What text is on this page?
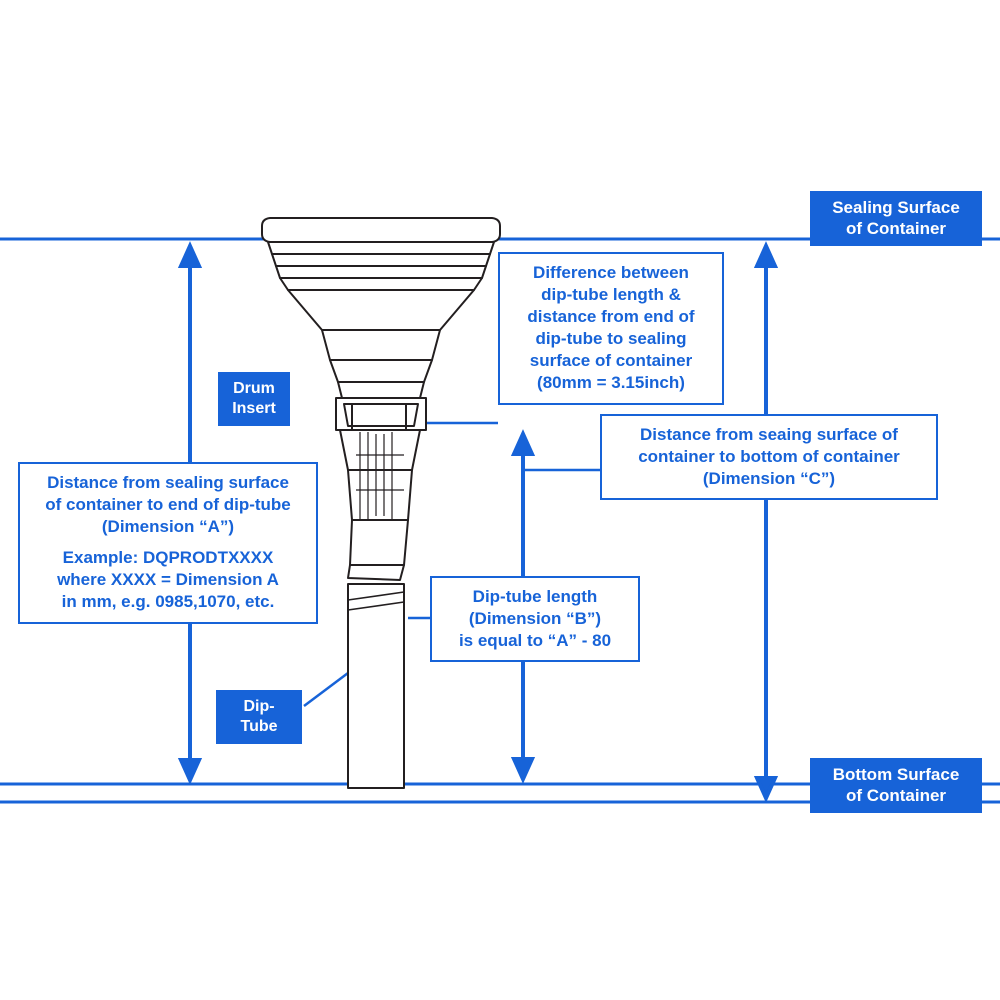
Distance from sealing surface
of container to end of dip-tube
(Dimension “A”)
Example: DQPRODTXXXX
where XXXX = Dimension A
in mm, e.g. 0985,1070, etc.
Difference between
dip-tube length &
distance from end of
dip-tube to sealing
surface of container
(80mm = 3.15inch)
Distance from seaing surface of
container to bottom of container
(Dimension “C”)
Dip-tube length
(Dimension “B”)
is equal to “A” - 80
Sealing Surface
of Container
Bottom Surface
of Container
Drum
Insert
Dip-
Tube
